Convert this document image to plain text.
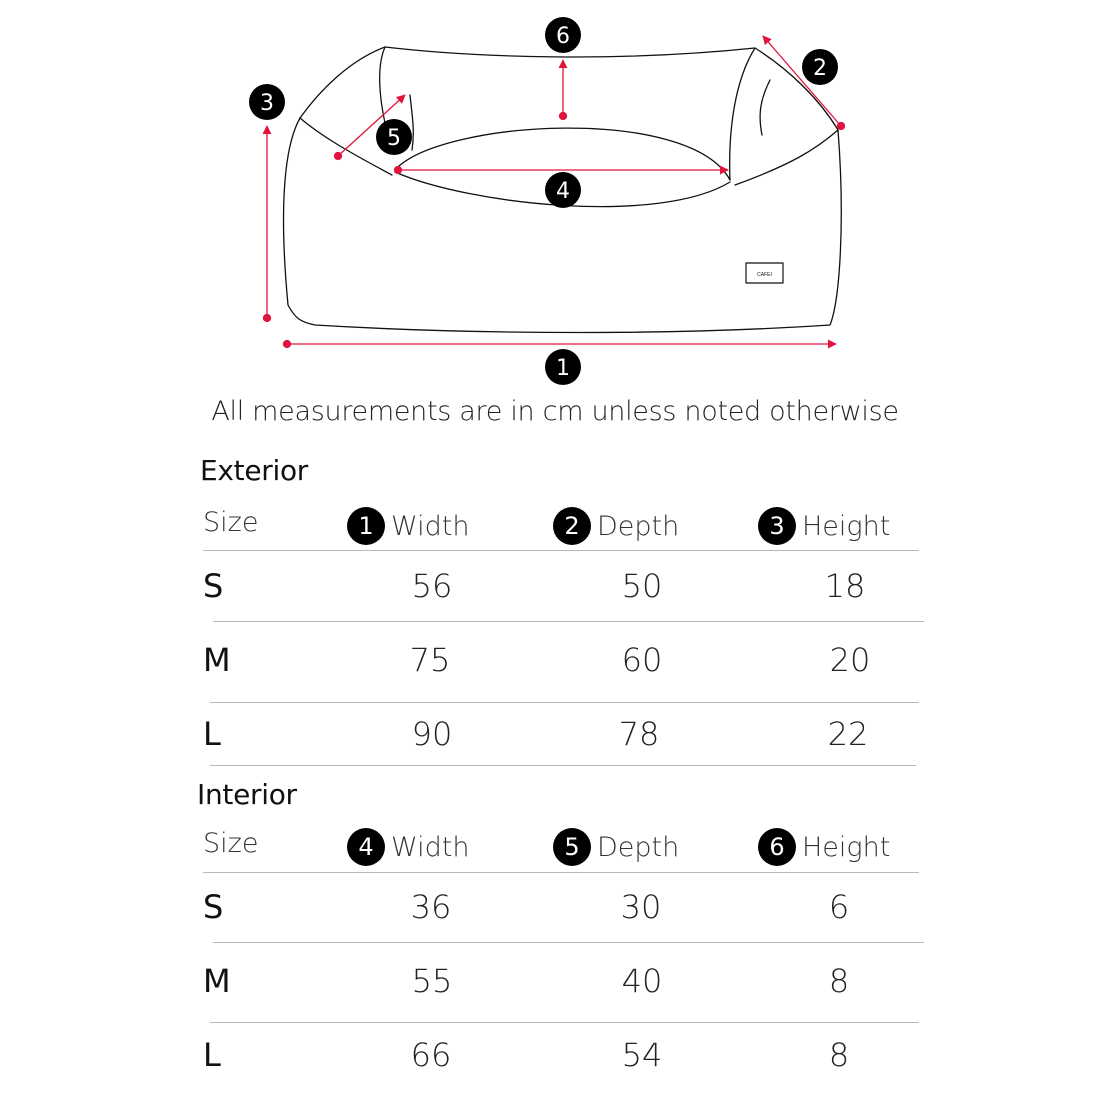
CAFEI
1
2
3
4
5
6
All measurements are in cm unless noted otherwise
Exterior
Size	1 Width	2 Depth	3 Height
S	56	50	18
M	75	60	20
L	90	78	22
Interior
Size	4 Width	5 Depth	6 Height
S	36	30	6
M	55	40	8
L	66	54	8
